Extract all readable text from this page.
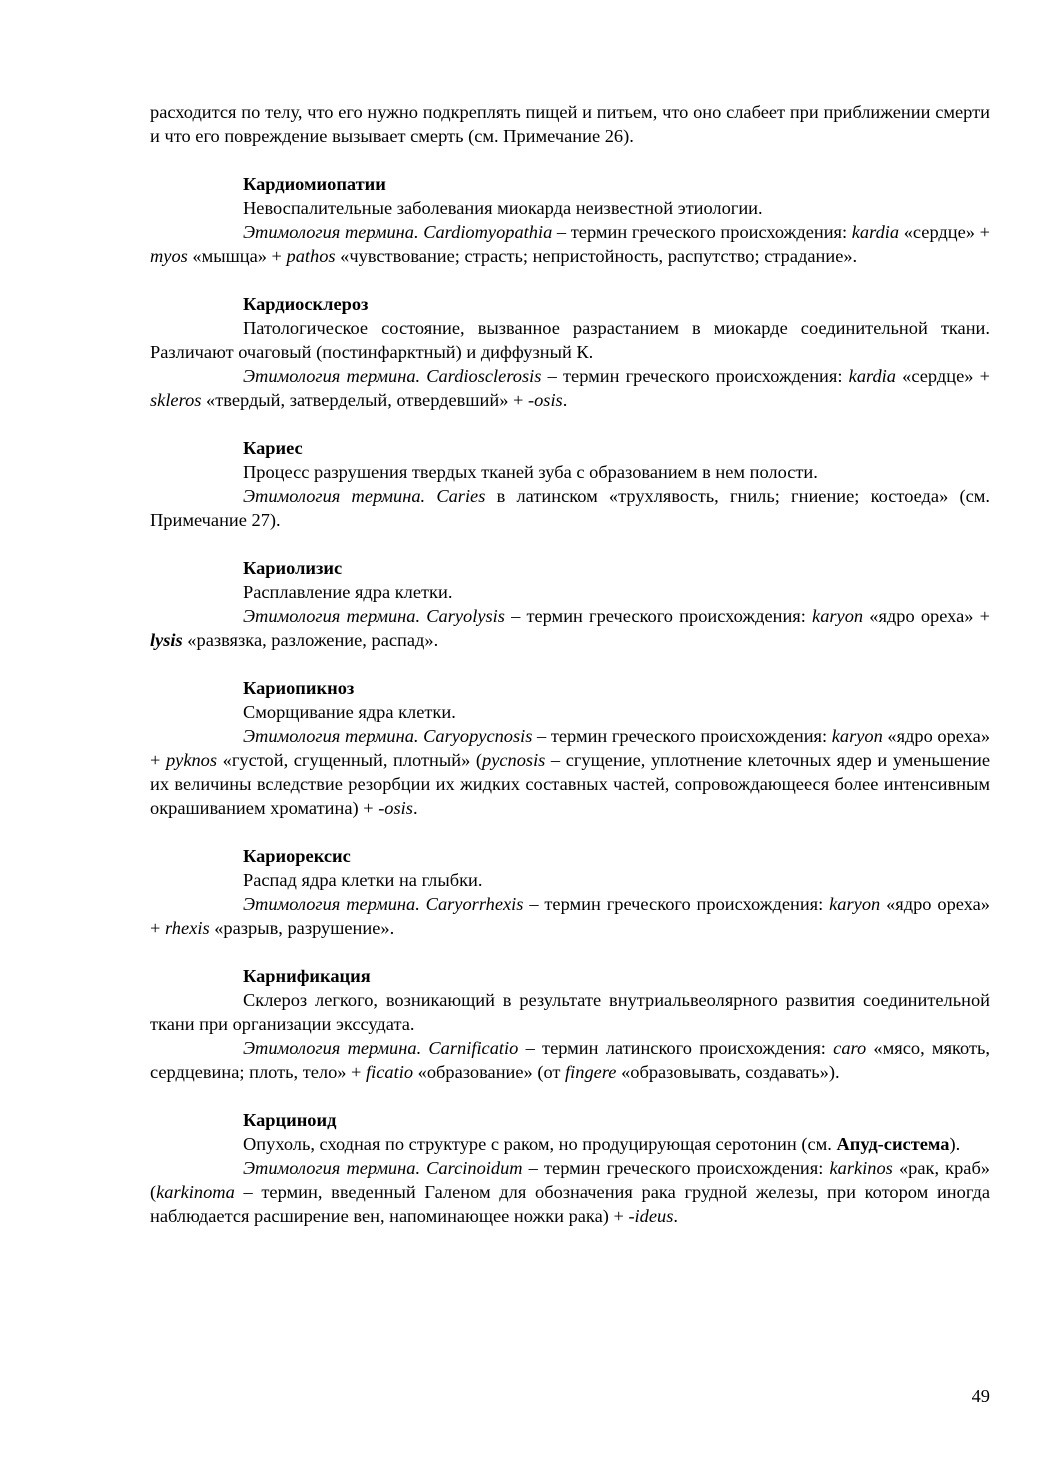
расходится по телу, что его нужно подкреплять пищей и питьем, что оно слабеет при приближении смерти и что его повреждение вызывает смерть (см. Примечание 26).

Кардиомиопатии

Невоспалительные заболевания миокарда неизвестной этиологии.

Этимология термина. Cardiomyopathia – термин греческого происхождения: kardia «сердце» + myos «мышца» + pathos «чувствование; страсть; непристойность, распутство; страдание».

Кардиосклероз

Патологическое состояние, вызванное разрастанием в миокарде соединительной ткани. Различают очаговый (постинфарктный) и диффузный К.

Этимология термина. Cardiosclerosis – термин греческого происхождения: kardia «сердце» + skleros «твердый, затверделый, отвердевший» + -osis.

Кариес

Процесс разрушения твердых тканей зуба с образованием в нем полости.

Этимология термина. Caries в латинском «трухлявость, гниль; гниение; костоеда» (см. Примечание 27).

Кариолизис

Расплавление ядра клетки.

Этимология термина. Caryolysis – термин греческого происхождения: karyon «ядро ореха» + lysis «развязка, разложение, распад».

Кариопикноз

Сморщивание ядра клетки.

Этимология термина. Caryopycnosis – термин греческого происхождения: karyon «ядро ореха» + pyknos «густой, сгущенный, плотный» (pycnosis – сгущение, уплотнение клеточных ядер и уменьшение их величины вследствие резорбции их жидких составных частей, сопровождающееся более интенсивным окрашиванием хроматина) + -osis.

Кариорексис

Распад ядра клетки на глыбки.

Этимология термина. Caryorrhexis – термин греческого происхождения: karyon «ядро ореха» + rhexis «разрыв, разрушение».

Карнификация

Склероз легкого, возникающий в результате внутриальвеолярного развития соединительной ткани при организации экссудата.

Этимология термина. Carnificatio – термин латинского происхождения: caro «мясо, мякоть, сердцевина; плоть, тело» + ficatio «образование» (от fingere «образовывать, создавать»).

Карциноид

Опухоль, сходная по структуре с раком, но продуцирующая серотонин (см. Апуд-система).

Этимология термина. Carcinoidum – термин греческого происхождения: karkinos «рак, краб» (karkinoma – термин, введенный Галеном для обозначения рака грудной железы, при котором иногда наблюдается расширение вен, напоминающее ножки рака) + -ideus.

49
